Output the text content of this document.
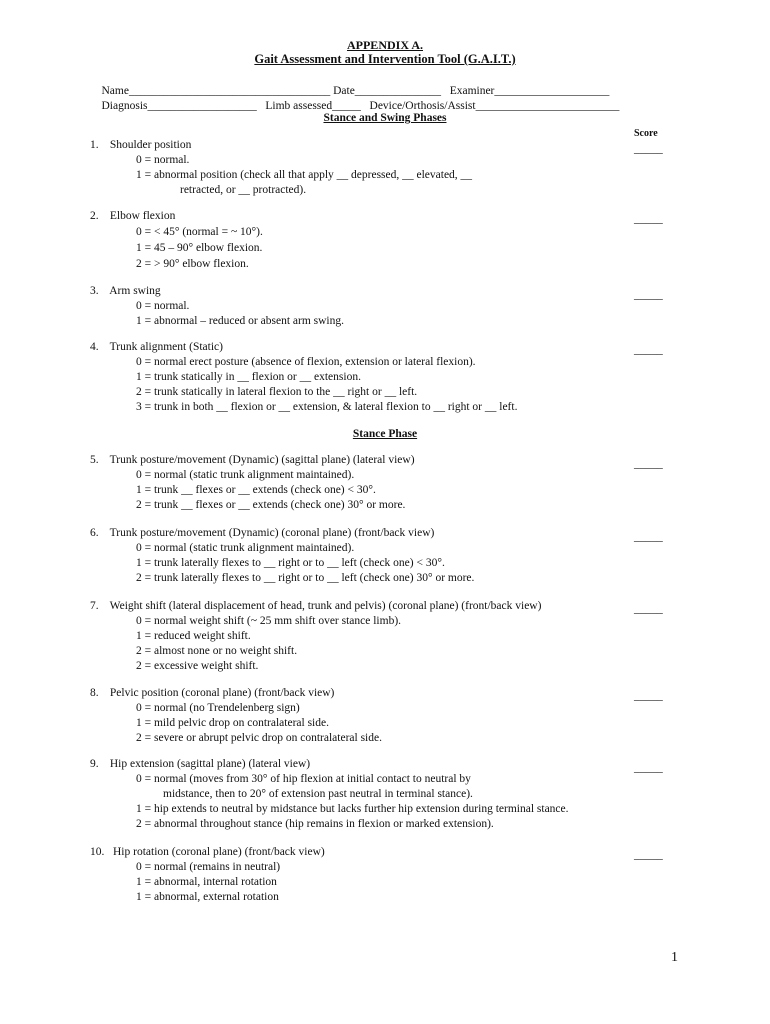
APPENDIX A.
Gait Assessment and Intervention Tool (G.A.I.T.)

Name___________________________________ Date_______________ Examiner____________________

Diagnosis___________________ Limb assessed_____ Device/Orthosis/Assist_________________________

Stance and Swing Phases
Score
1. Shoulder position
0 = normal.
1 = abnormal position (check all that apply __ depressed, __ elevated, __
retracted, or __ protracted).
_____
2. Elbow flexion
0 = < 45° (normal = ~ 10°).
1 = 45 – 90° elbow flexion.
2 = > 90° elbow flexion.
_____
3. Arm swing
0 = normal.
1 = abnormal – reduced or absent arm swing.
_____
4. Trunk alignment (Static)
0 = normal erect posture (absence of flexion, extension or lateral flexion).
1 = trunk statically in __ flexion or __ extension.
2 = trunk statically in lateral flexion to the __ right or __ left.
3 = trunk in both __ flexion or __ extension, & lateral flexion to __ right or __ left.
_____
Stance Phase
5. Trunk posture/movement (Dynamic) (sagittal plane) (lateral view)
0 = normal (static trunk alignment maintained).
1 = trunk __ flexes or __ extends (check one) < 30°.
2 = trunk __ flexes or __ extends (check one) 30° or more.
_____
6. Trunk posture/movement (Dynamic) (coronal plane) (front/back view)
0 = normal (static trunk alignment maintained).
1 = trunk laterally flexes to __ right or to __ left (check one) < 30°.
2 = trunk laterally flexes to __ right or to __ left (check one) 30° or more.
_____
7. Weight shift (lateral displacement of head, trunk and pelvis) (coronal plane) (front/back view)
0 = normal weight shift (~ 25 mm shift over stance limb).
1 = reduced weight shift.
2 = almost none or no weight shift.
2 = excessive weight shift.
_____
8. Pelvic position (coronal plane) (front/back view)
0 = normal (no Trendelenberg sign)
1 = mild pelvic drop on contralateral side.
2 = severe or abrupt pelvic drop on contralateral side.
_____
9. Hip extension (sagittal plane) (lateral view)
0 = normal (moves from 30° of hip flexion at initial contact to neutral by
midstance, then to 20° of extension past neutral in terminal stance).
1 = hip extends to neutral by midstance but lacks further hip extension during terminal stance.
2 = abnormal throughout stance (hip remains in flexion or marked extension).
_____
10. Hip rotation (coronal plane) (front/back view)
0 = normal (remains in neutral)
1 = abnormal, internal rotation
1 = abnormal, external rotation
_____
1
